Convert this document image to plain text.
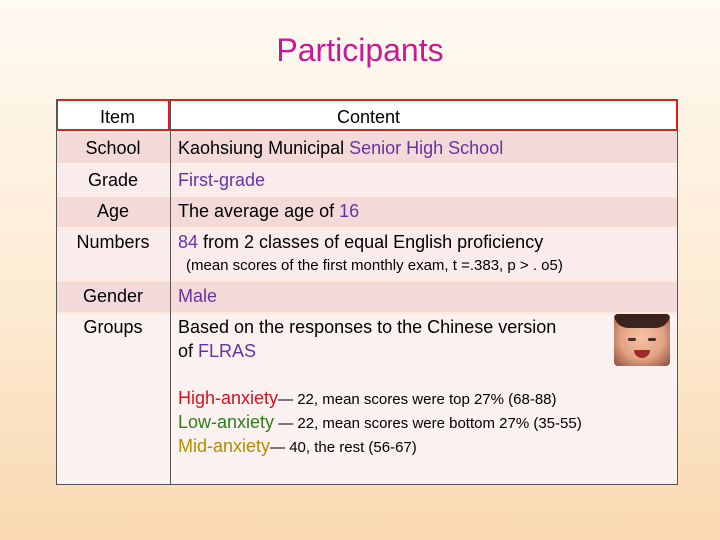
Participants
Item	Content
School	Kaohsiung Municipal Senior High School
Grade	First-grade
Age	The average age of 16
Numbers	84 from 2 classes of equal English proficiency
(mean scores of the first monthly exam, t =.383, p > . o5)
Gender	Male
Groups	Based on the responses to the Chinese version
of FLRAS
High-anxiety— 22, mean scores were top 27% (68-88)
Low-anxiety — 22, mean scores were bottom 27% (35-55)
Mid-anxiety— 40, the rest (56-67)
